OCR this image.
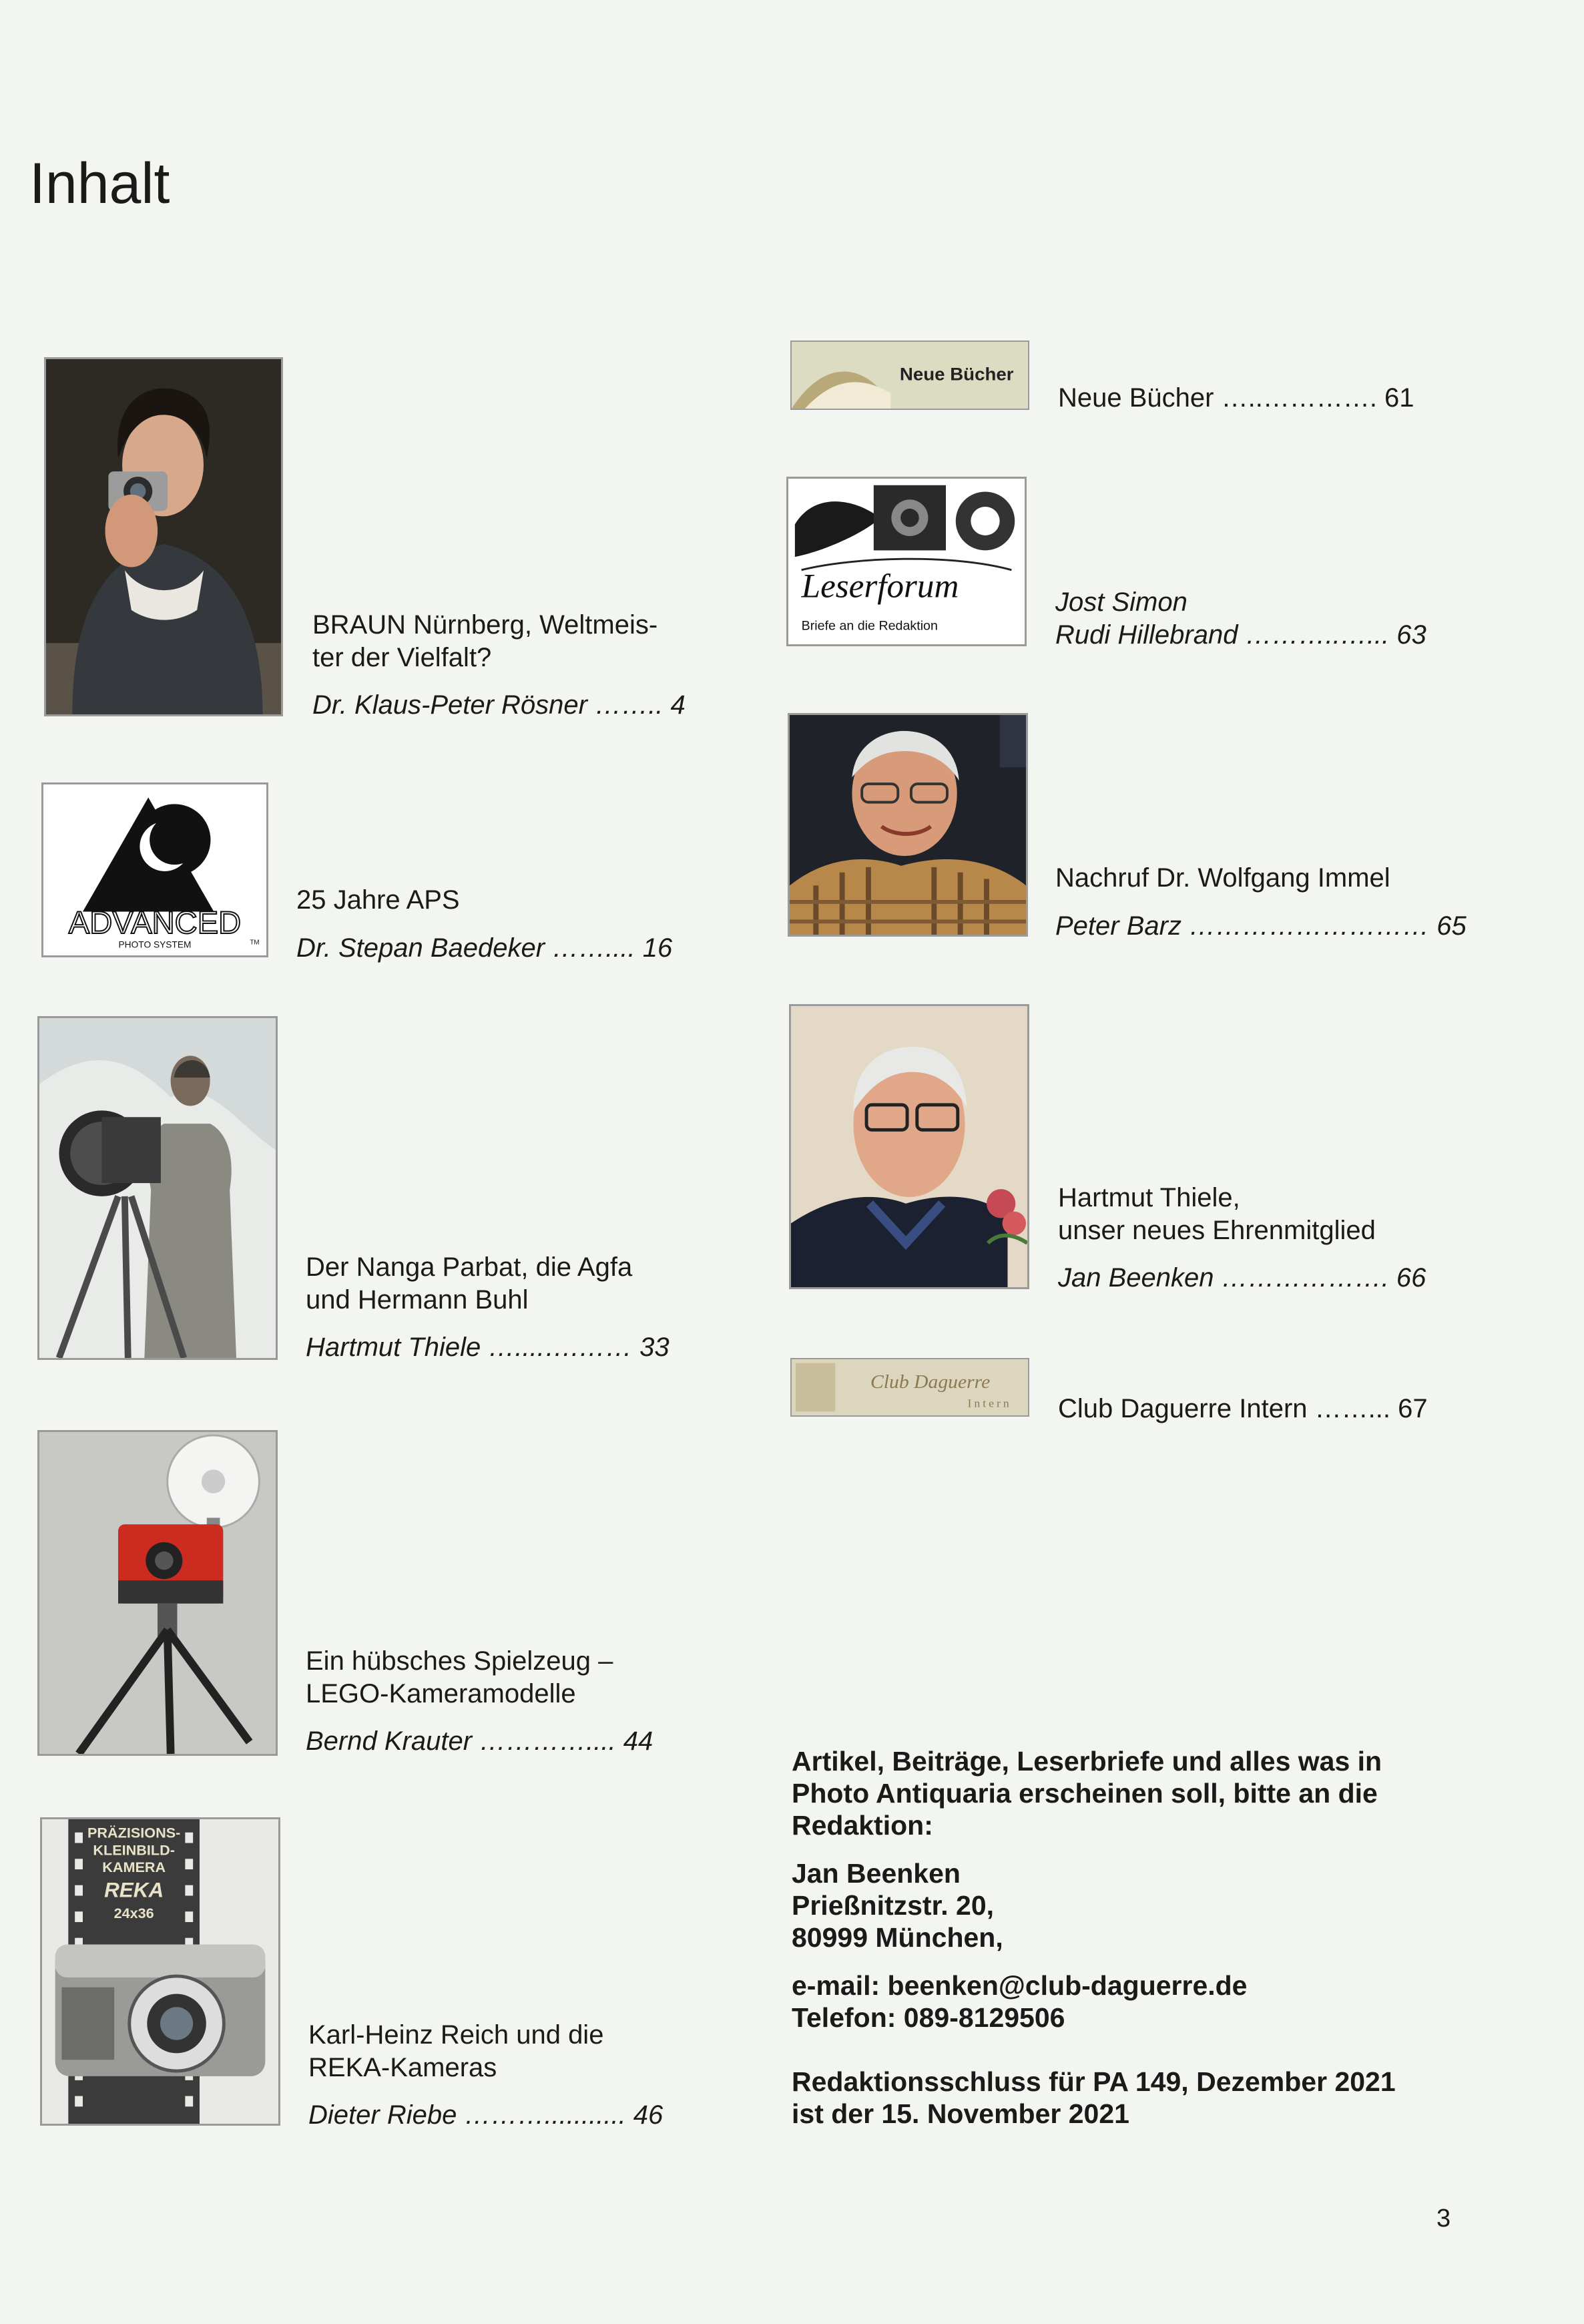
Inhalt
BRAUN Nürnberg, Weltmeis-
ter der Vielfalt?
Dr. Klaus-Peter Rösner …….. 4
ADVANCED
PHOTO SYSTEM	TM
25 Jahre APS
Dr. Stepan Baedeker …….... 16
Der Nanga Parbat, die Agfa
und Hermann Buhl
Hartmut Thiele …....….…… 33
Ein hübsches Spielzeug –
LEGO-Kameramodelle
Bernd Krauter ………….... 44
PRÄZISIONS-
KLEINBILD-
KAMERA
REKA
24x36
Karl-Heinz Reich und die
REKA-Kameras
Dieter Riebe ………........... 46
Neue Bücher
Neue Bücher …..…………. 61
Leserforum
Briefe an die Redaktion
Jost Simon
Rudi Hillebrand ………..…... 63
Nachruf Dr. Wolfgang Immel
Peter Barz ……………………… 65
Hartmut Thiele,
unser neues Ehrenmitglied
Jan Beenken ………………. 66
Club Daguerre
Intern Club Daguerre Intern ……... 67
Artikel, Beiträge, Leserbriefe und alles was in
Photo Antiquaria erscheinen soll, bitte an die
Redaktion:
Jan Beenken
Prießnitzstr. 20,
80999 München,
e-mail: beenken@club-daguerre.de
Telefon: 089-8129506
Redaktionsschluss für PA 149, Dezember 2021
ist der 15. November 2021
3
